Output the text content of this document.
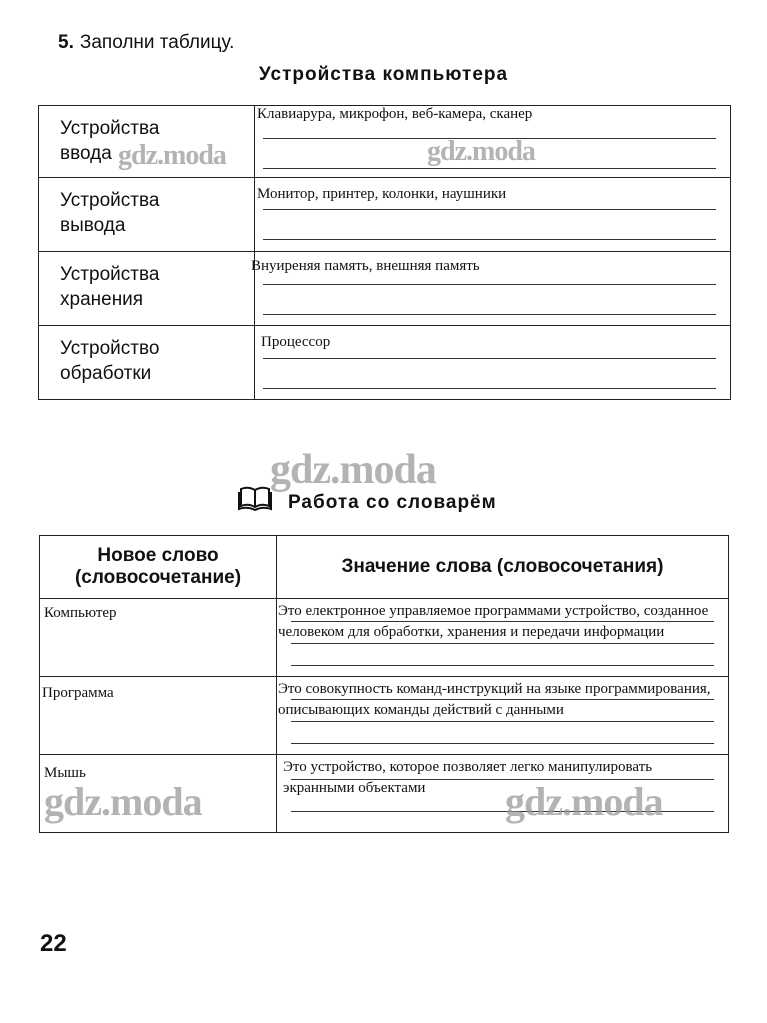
5. Заполни таблицу.
Устройства компьютера
Устройства
ввода	Клавиарура, микрофон, веб-камера, сканер

Устройства
вывода	Монитор, принтер, колонки, наушники

Устройства
хранения	Внуиреняя память, внешняя память

Устройство
обработки	Процессор
Работа со словарём
Новое слово
(словосочетание)	Значение слова (словосочетания)

Компьютер	Это електронное управляемое программами устройство, созданное человеком для обработки, хранения и передачи информации

Программа	Это совокупность команд-инструкций на языке программирования, описывающих команды действий с данными

Мышь	Это устройство, которое позволяет легко манипулировать экранными объектами
gdz.moda	gdz.moda
gdz.moda
gdz.moda	gdz.moda
22
